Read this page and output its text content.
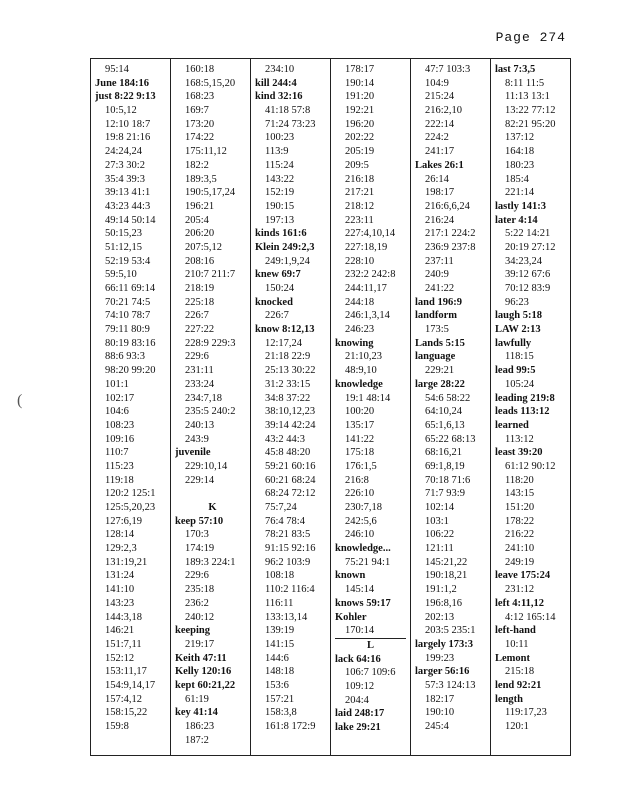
Page 274
(
95:14
June 184:16
just 8:22 9:13
10:5,12
12:10 18:7
19:8 21:16
24:24,24
27:3 30:2
35:4 39:3
39:13 41:1
43:23 44:3
49:14 50:14
50:15,23
51:12,15
52:19 53:4
59:5,10
66:11 69:14
70:21 74:5
74:10 78:7
79:11 80:9
80:19 83:16
88:6 93:3
98:20 99:20
101:1
102:17
104:6
108:23
109:16
110:7
115:23
119:18
120:2 125:1
125:5,20,23
127:6,19
128:14
129:2,3
131:19,21
131:24
141:10
143:23
144:3,18
146:21
151:7,11
152:12
153:11,17
154:9,14,17
157:4,12
158:15,22
159:8
160:18
168:5,15,20
168:23
169:7
173:20
174:22
175:11,12
182:2
189:3,5
190:5,17,24
196:21
205:4
206:20
207:5,12
208:16
210:7 211:7
218:19
225:18
226:7
227:22
228:9 229:3
229:6
231:11
233:24
234:7,18
235:5 240:2
240:13
243:9
juvenile
229:10,14
229:14
K
keep 57:10
170:3
174:19
189:3 224:1
229:6
235:18
236:2
240:12
keeping
219:17
Keith 47:11
Kelly 120:16
kept 60:21,22
61:19
key 41:14
186:23
187:2
234:10
kill 244:4
kind 32:16
41:18 57:8
71:24 73:23
100:23
113:9
115:24
143:22
152:19
190:15
197:13
kinds 161:6
Klein 249:2,3
249:1,9,24
knew 69:7
150:24
knocked
226:7
know 8:12,13
12:17,24
21:18 22:9
25:13 30:22
31:2 33:15
34:8 37:22
38:10,12,23
39:14 42:24
43:2 44:3
45:8 48:20
59:21 60:16
60:21 68:24
68:24 72:12
75:7,24
76:4 78:4
78:21 83:5
91:15 92:16
96:2 103:9
108:18
110:2 116:4
116:11
133:13,14
139:19
141:15
144:6
148:18
153:6
157:21
158:3,8
161:8 172:9
178:17
190:14
191:20
192:21
196:20
202:22
205:19
209:5
216:18
217:21
218:12
223:11
227:4,10,14
227:18,19
228:10
232:2 242:8
244:11,17
244:18
246:1,3,14
246:23
knowing
21:10,23
48:9,10
knowledge
19:1 48:14
100:20
135:17
141:22
175:18
176:1,5
216:8
226:10
230:7,18
242:5,6
246:10
knowledge...
75:21 94:1
known
145:14
knows 59:17
Kohler
170:14
L
lack 64:16
106:7 109:6
109:12
204:4
laid 248:17
lake 29:21
47:7 103:3
104:9
215:24
216:2,10
222:14
224:2
241:17
Lakes 26:1
26:14
198:17
216:6,6,24
216:24
217:1 224:2
236:9 237:8
237:11
240:9
241:22
land 196:9
landform
173:5
Lands 5:15
language
229:21
large 28:22
54:6 58:22
64:10,24
65:1,6,13
65:22 68:13
68:16,21
69:1,8,19
70:18 71:6
71:7 93:9
102:14
103:1
106:22
121:11
145:21,22
190:18,21
191:1,2
196:8,16
202:13
203:5 235:1
largely 173:3
199:23
larger 56:16
57:3 124:13
182:17
190:10
245:4
last 7:3,5
8:11 11:5
11:13 13:1
13:22 77:12
82:21 95:20
137:12
164:18
180:23
185:4
221:14
lastly 141:3
later 4:14
5:22 14:21
20:19 27:12
34:23,24
39:12 67:6
70:12 83:9
96:23
laugh 5:18
LAW 2:13
lawfully
118:15
lead 99:5
105:24
leading 219:8
leads 113:12
learned
113:12
least 39:20
61:12 90:12
118:20
143:15
151:20
178:22
216:22
241:10
249:19
leave 175:24
231:12
left 4:11,12
4:12 165:14
left-hand
10:11
Lemont
215:18
lend 92:21
length
119:17,23
120:1
